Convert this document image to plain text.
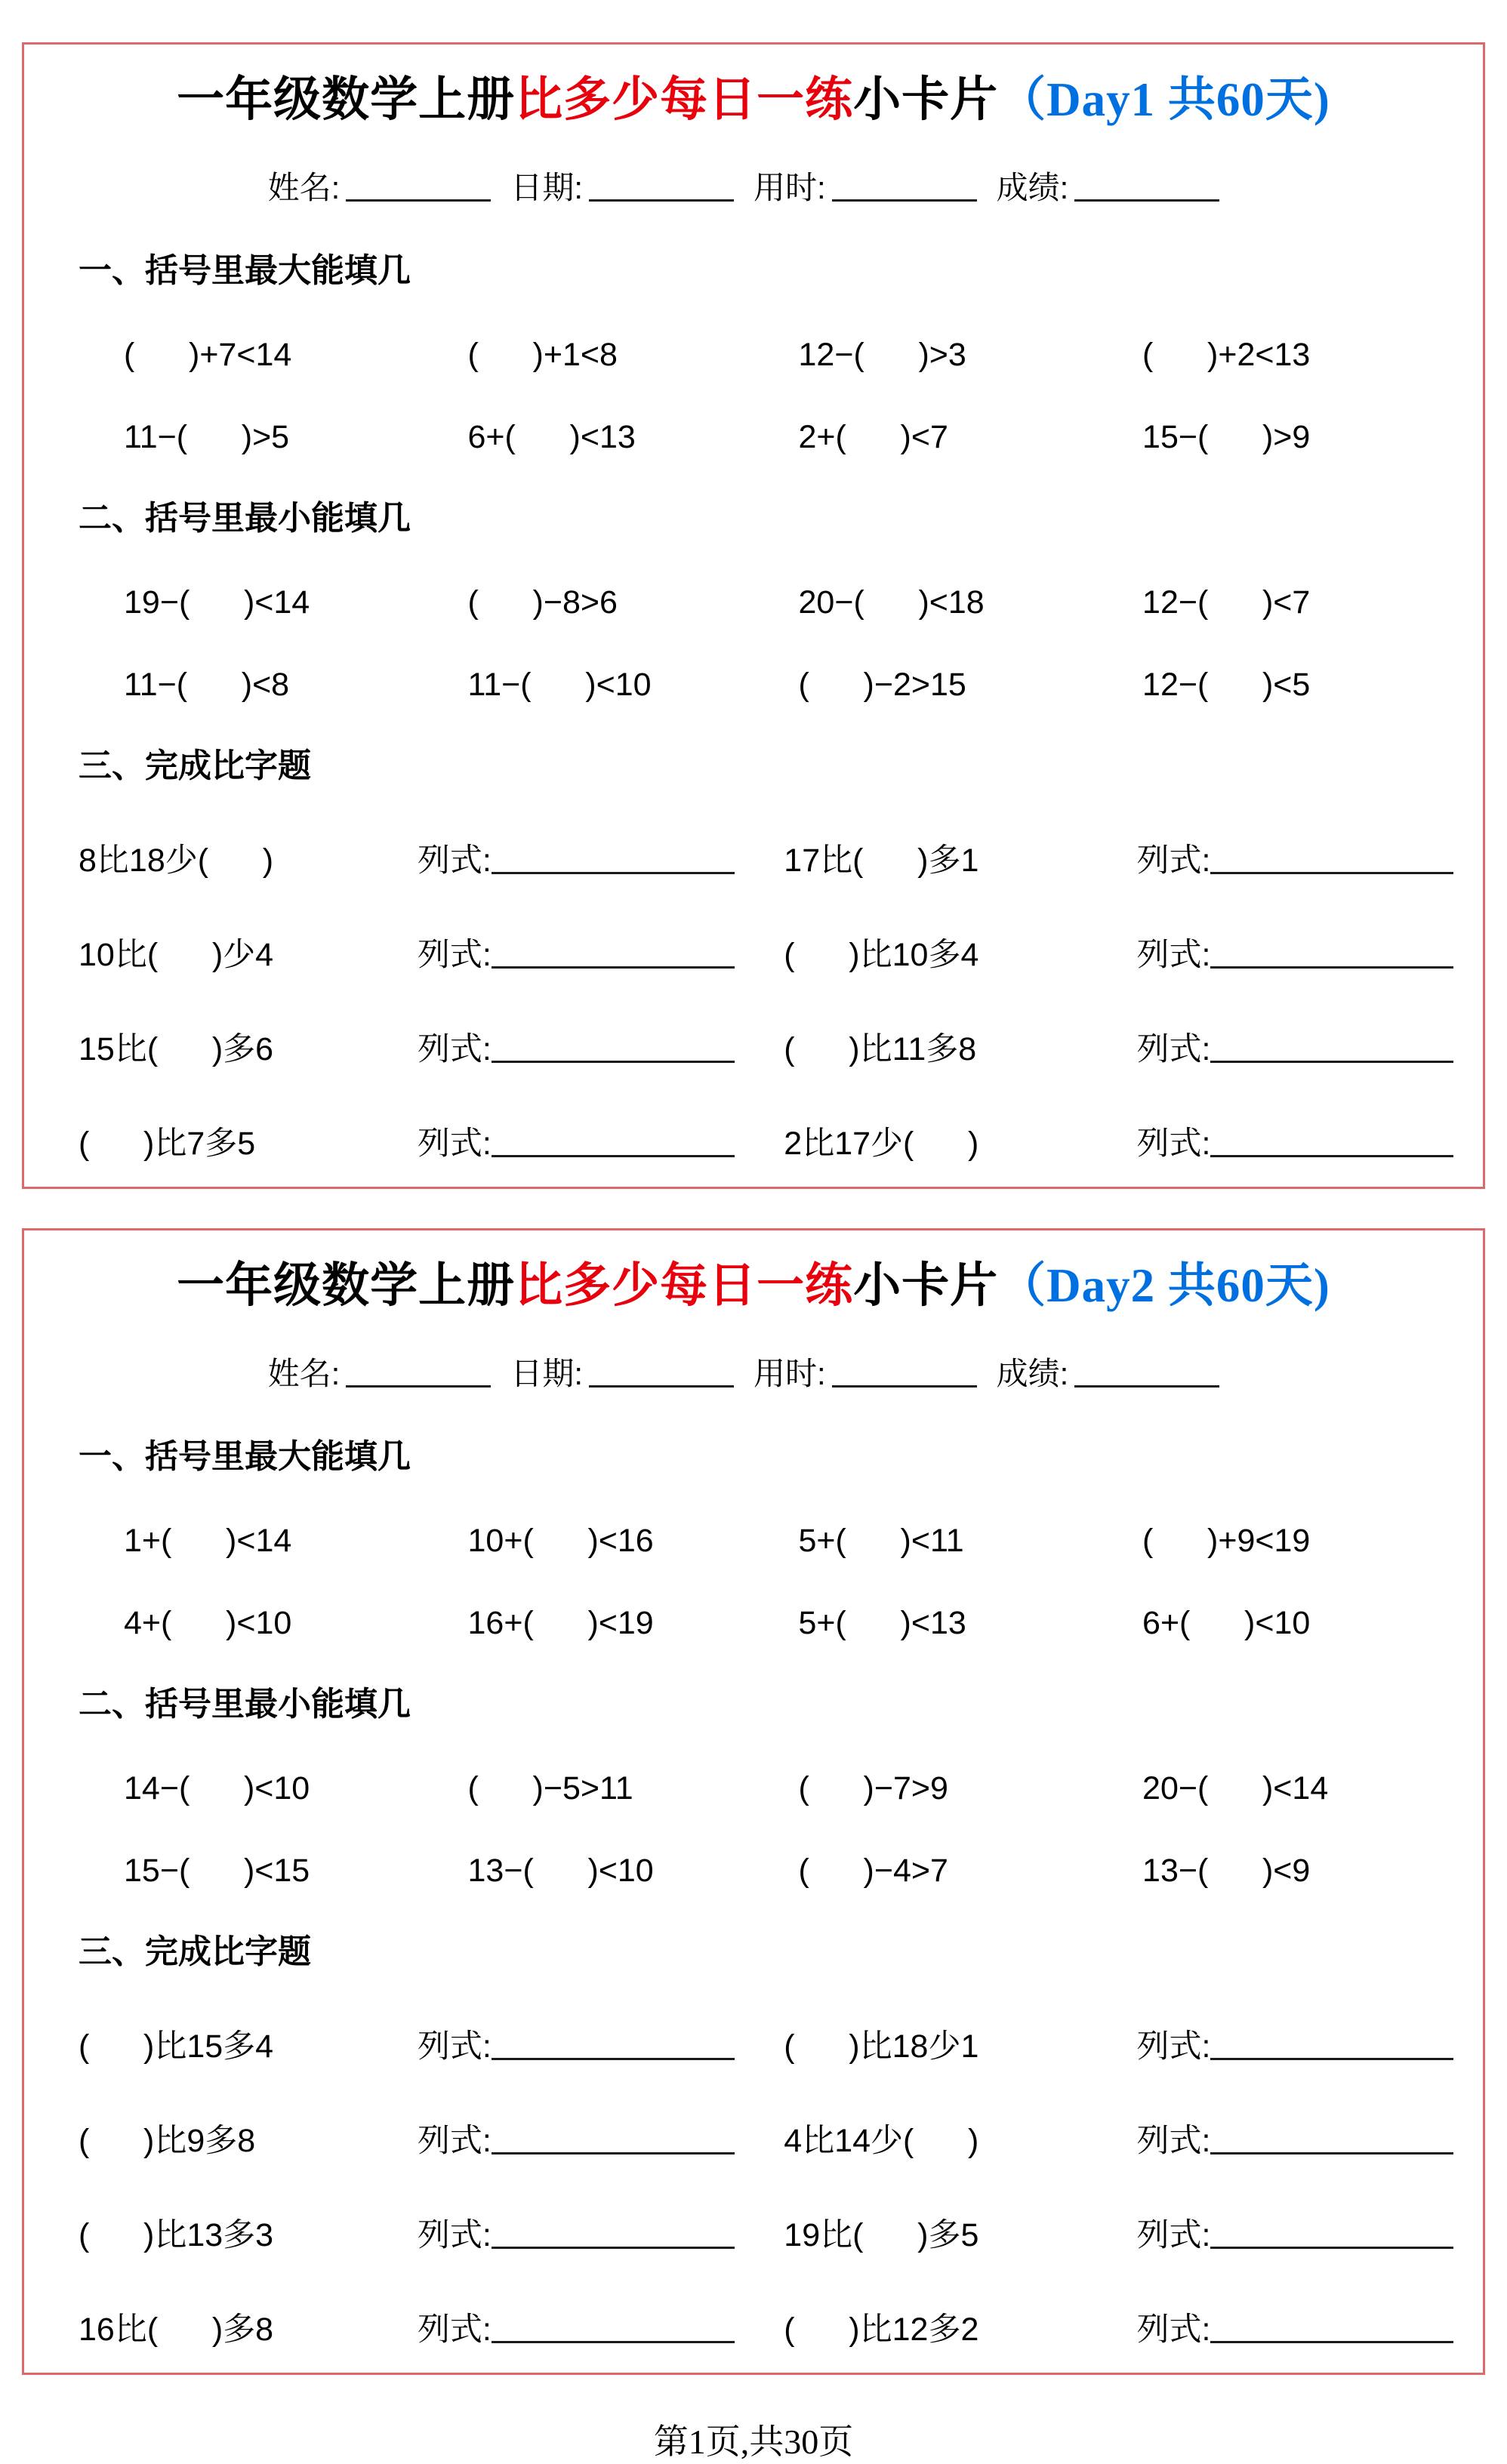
一年级数学上册比多少每日一练小卡片（Day1 共60天)
姓名:	日期:	用时:	成绩:
一、括号里最大能填几
(      )+7<14	(      )+1<8	12−(      )>3	(      )+2<13
11−(      )>5	6+(      )<13	2+(      )<7	15−(      )>9
二、括号里最小能填几
19−(      )<14	(      )−8>6	20−(      )<18	12−(      )<7
11−(      )<8	11−(      )<10	(      )−2>15	12−(      )<5
三、完成比字题
8比18少(      )	列式:	17比(      )多1	列式:
10比(      )少4	列式:	(      )比10多4	列式:
15比(      )多6	列式:	(      )比11多8	列式:
(      )比7多5	列式:	2比17少(      )	列式:
一年级数学上册比多少每日一练小卡片（Day2 共60天)
姓名:	日期:	用时:	成绩:
一、括号里最大能填几
1+(      )<14	10+(      )<16	5+(      )<11	(      )+9<19
4+(      )<10	16+(      )<19	5+(      )<13	6+(      )<10
二、括号里最小能填几
14−(      )<10	(      )−5>11	(      )−7>9	20−(      )<14
15−(      )<15	13−(      )<10	(      )−4>7	13−(      )<9
三、完成比字题
(      )比15多4	列式:	(      )比18少1	列式:
(      )比9多8	列式:	4比14少(      )	列式:
(      )比13多3	列式:	19比(      )多5	列式:
16比(      )多8	列式:	(      )比12多2	列式:
第1页,共30页
